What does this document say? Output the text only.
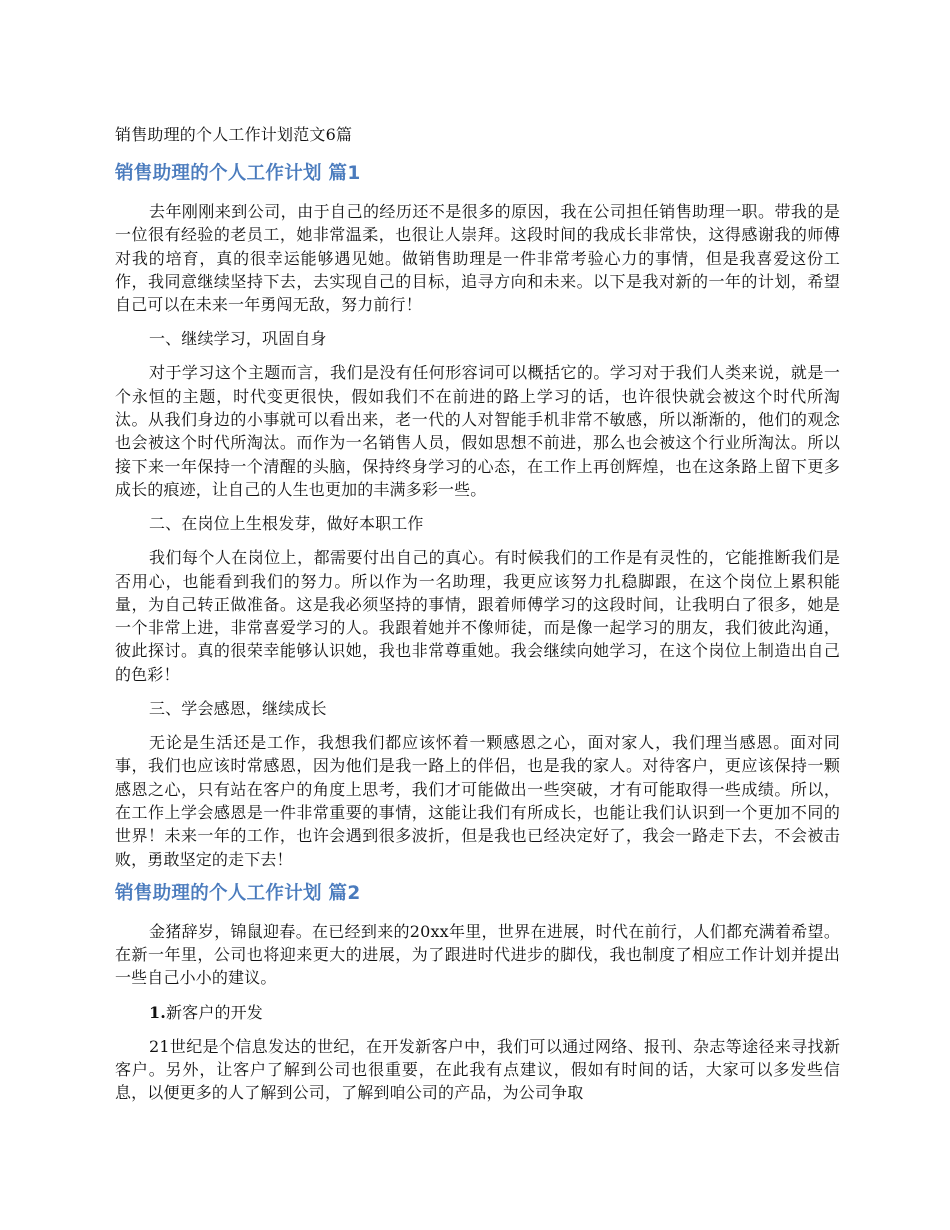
销售助理的个人工作计划范文6篇
销售助理的个人工作计划 篇1

去年刚刚来到公司，由于自己的经历还不是很多的原因，我在公司担任销售助理一职。带我的是一位很有经验的老员工，她非常温柔，也很让人崇拜。这段时间的我成长非常快，这得感谢我的师傅对我的培育，真的很幸运能够遇见她。做销售助理是一件非常考验心力的事情，但是我喜爱这份工作，我同意继续坚持下去，去实现自己的目标，追寻方向和未来。以下是我对新的一年的计划，希望自己可以在未来一年勇闯无敌，努力前行！

一、继续学习，巩固自身

对于学习这个主题而言，我们是没有任何形容词可以概括它的。学习对于我们人类来说，就是一个永恒的主题，时代变更很快，假如我们不在前进的路上学习的话，也许很快就会被这个时代所淘汰。从我们身边的小事就可以看出来，老一代的人对智能手机非常不敏感，所以渐渐的，他们的观念也会被这个时代所淘汰。而作为一名销售人员，假如思想不前进，那么也会被这个行业所淘汰。所以接下来一年保持一个清醒的头脑，保持终身学习的心态，在工作上再创辉煌，也在这条路上留下更多成长的痕迹，让自己的人生也更加的丰满多彩一些。

二、在岗位上生根发芽，做好本职工作

我们每个人在岗位上，都需要付出自己的真心。有时候我们的工作是有灵性的，它能推断我们是否用心，也能看到我们的努力。所以作为一名助理，我更应该努力扎稳脚跟，在这个岗位上累积能量，为自己转正做准备。这是我必须坚持的事情，跟着师傅学习的这段时间，让我明白了很多，她是一个非常上进，非常喜爱学习的人。我跟着她并不像师徒，而是像一起学习的朋友，我们彼此沟通，彼此探讨。真的很荣幸能够认识她，我也非常尊重她。我会继续向她学习，在这个岗位上制造出自己的色彩！

三、学会感恩，继续成长

无论是生活还是工作，我想我们都应该怀着一颗感恩之心，面对家人，我们理当感恩。面对同事，我们也应该时常感恩，因为他们是我一路上的伴侣，也是我的家人。对待客户，更应该保持一颗感恩之心，只有站在客户的角度上思考，我们才可能做出一些突破，才有可能取得一些成绩。所以，在工作上学会感恩是一件非常重要的事情，这能让我们有所成长，也能让我们认识到一个更加不同的世界！未来一年的工作，也许会遇到很多波折，但是我也已经决定好了，我会一路走下去，不会被击败，勇敢坚定的走下去！

销售助理的个人工作计划 篇2

金猪辞岁，锦鼠迎春。在已经到来的20xx年里，世界在进展，时代在前行，人们都充满着希望。在新一年里，公司也将迎来更大的进展，为了跟进时代进步的脚伐，我也制度了相应工作计划并提出一些自己小小的建议。

1.新客户的开发

21世纪是个信息发达的世纪，在开发新客户中，我们可以通过网络、报刊、杂志等途径来寻找新客户。另外，让客户了解到公司也很重要，在此我有点建议，假如有时间的话，大家可以多发些信息，以便更多的人了解到公司，了解到咱公司的产品，为公司争取
